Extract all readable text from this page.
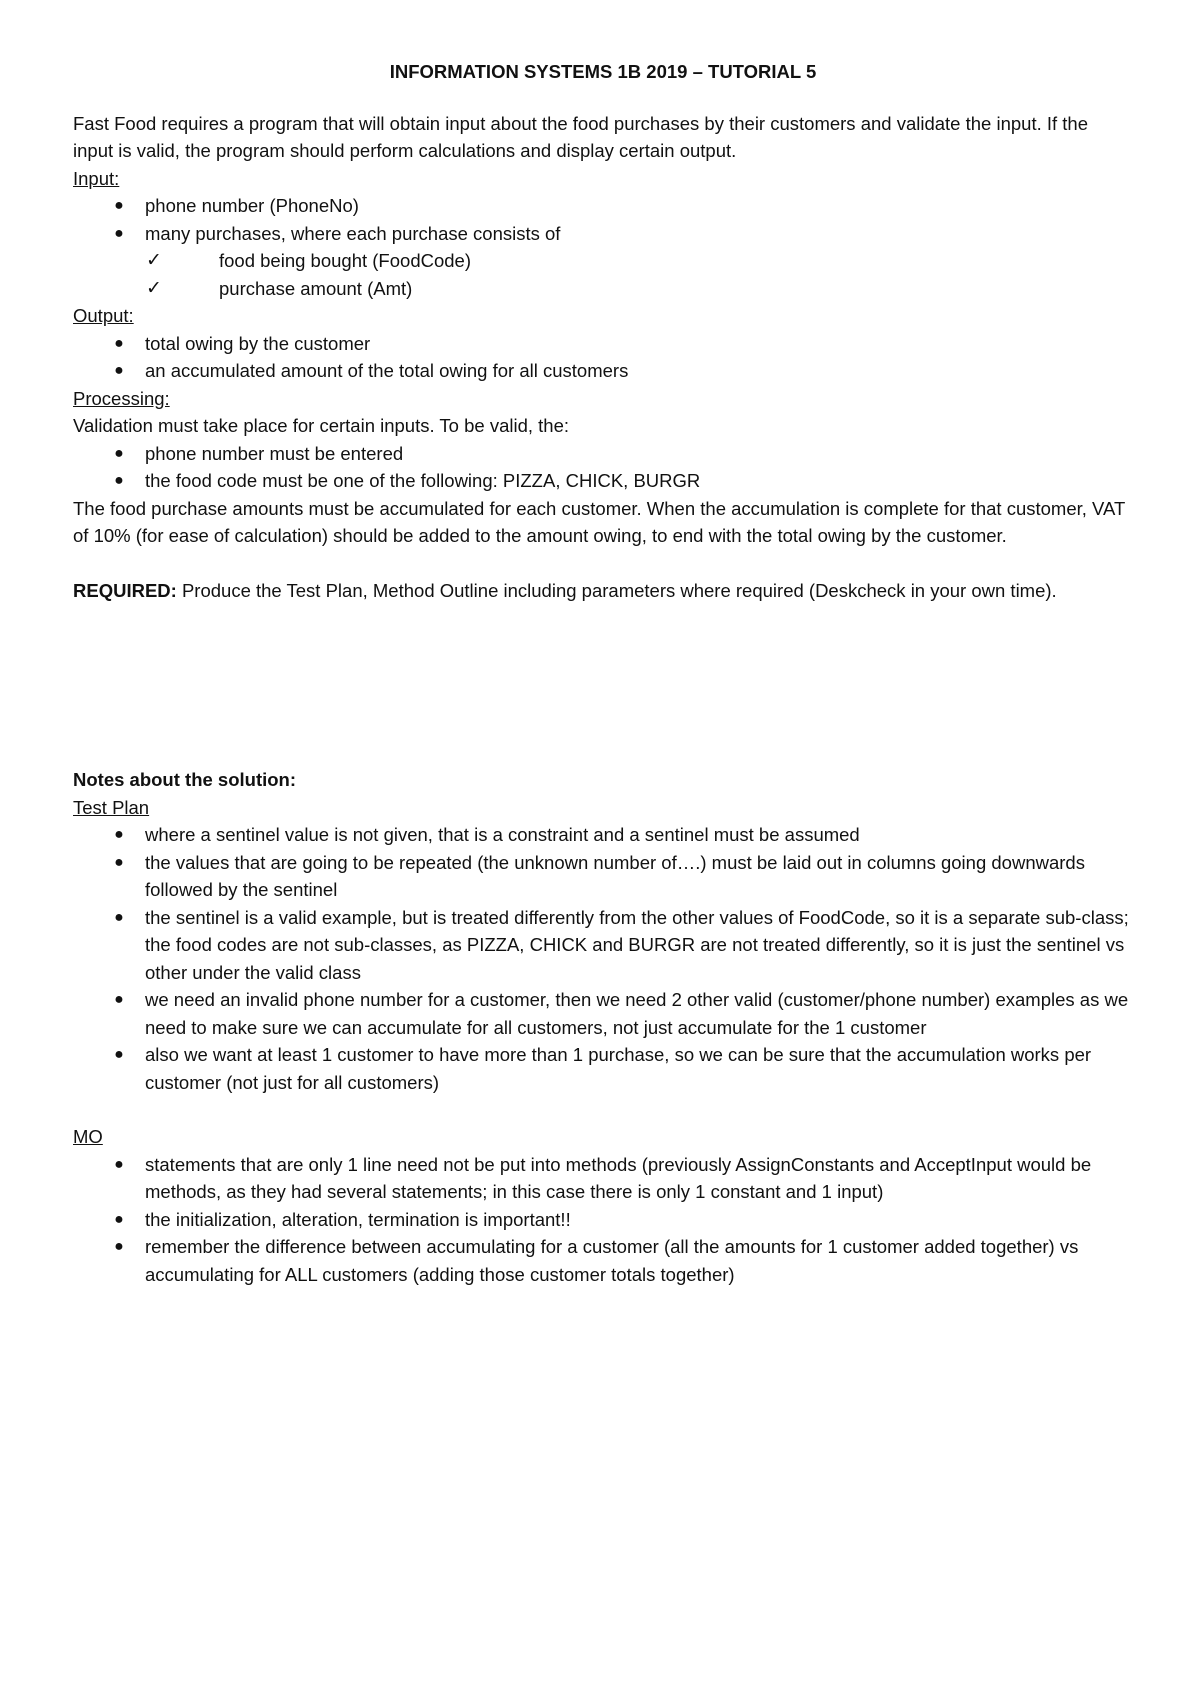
INFORMATION SYSTEMS 1B 2019 – TUTORIAL 5

Fast Food requires a program that will obtain input about the food purchases by their customers and validate the input. If the input is valid, the program should perform calculations and display certain output.

Input:
● phone number (PhoneNo)
● many purchases, where each purchase consists of
✓	food being bought (FoodCode)
✓	purchase amount (Amt)
Output:
● total owing by the customer
● an accumulated amount of the total owing for all customers
Processing:

Validation must take place for certain inputs. To be valid, the:

● phone number must be entered
● the food code must be one of the following: PIZZA, CHICK, BURGR

The food purchase amounts must be accumulated for each customer. When the accumulation is complete for that customer, VAT of 10% (for ease of calculation) should be added to the amount owing, to end with the total owing by the customer.

REQUIRED: Produce the Test Plan, Method Outline including parameters where required (Deskcheck in your own time).

Notes about the solution:
Test Plan
● where a sentinel value is not given, that is a constraint and a sentinel must be assumed
● the values that are going to be repeated (the unknown number of….) must be laid out in columns going downwards followed by the sentinel
● the sentinel is a valid example, but is treated differently from the other values of FoodCode, so it is a separate sub-class; the food codes are not sub-classes, as PIZZA, CHICK and BURGR are not treated differently, so it is just the sentinel vs other under the valid class
● we need an invalid phone number for a customer, then we need 2 other valid (customer/phone number) examples as we need to make sure we can accumulate for all customers, not just accumulate for the 1 customer
● also we want at least 1 customer to have more than 1 purchase, so we can be sure that the accumulation works per customer (not just for all customers)
MO
● statements that are only 1 line need not be put into methods (previously AssignConstants and AcceptInput would be methods, as they had several statements; in this case there is only 1 constant and 1 input)
● the initialization, alteration, termination is important!!
● remember the difference between accumulating for a customer (all the amounts for 1 customer added together) vs accumulating for ALL customers (adding those customer totals together)
